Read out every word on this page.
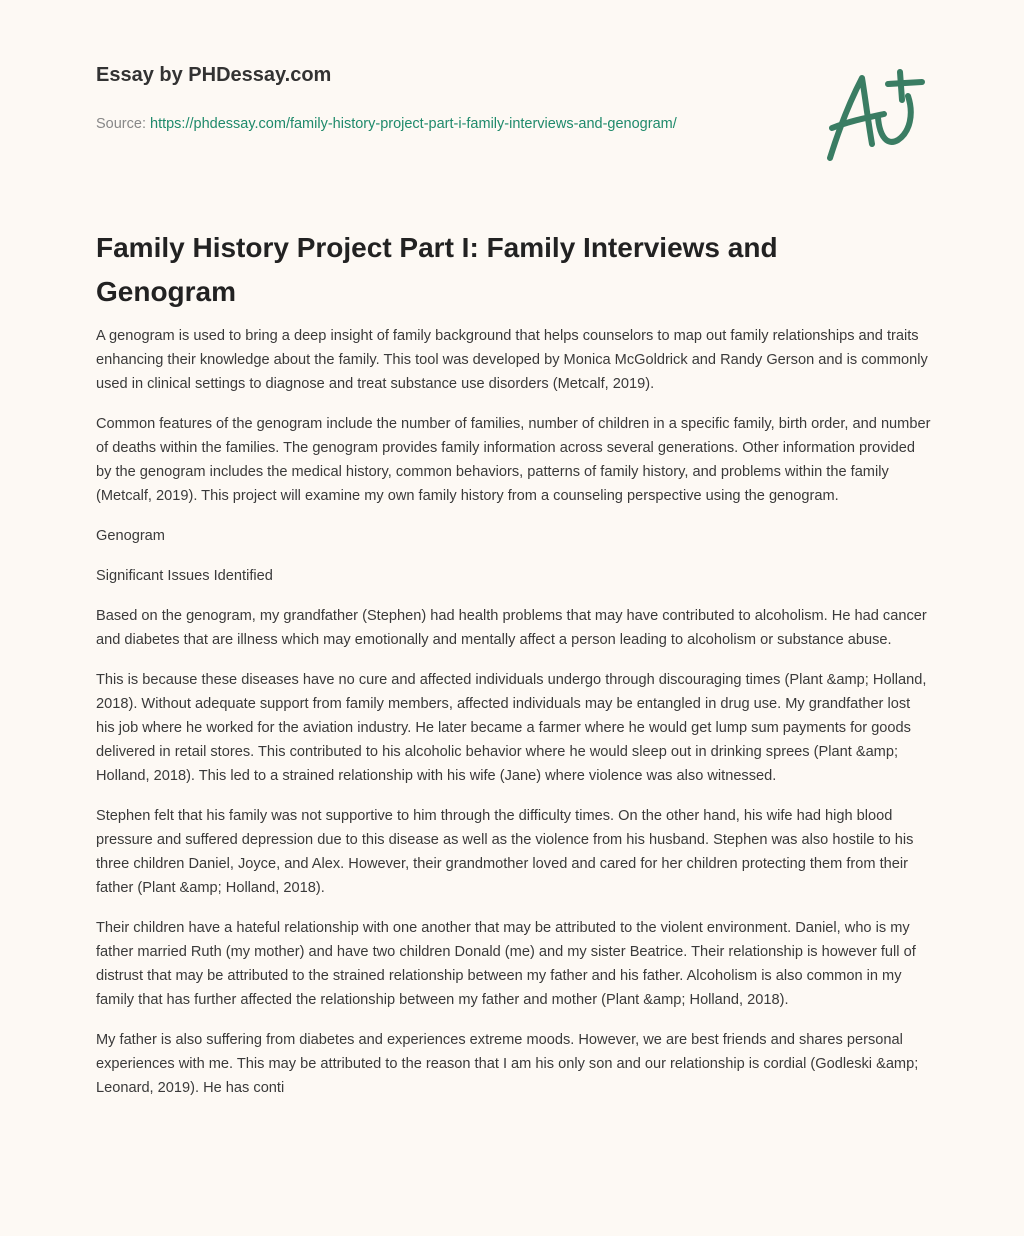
Essay by PHDessay.com

Source: https://phdessay.com/family-history-project-part-i-family-interviews-and-genogram/
Family History Project Part I: Family Interviews and Genogram

A genogram is used to bring a deep insight of family background that helps counselors to map out family relationships and traits enhancing their knowledge about the family. This tool was developed by Monica McGoldrick and Randy Gerson and is commonly used in clinical settings to diagnose and treat substance use disorders (Metcalf, 2019).

Common features of the genogram include the number of families, number of children in a specific family, birth order, and number of deaths within the families. The genogram provides family information across several generations. Other information provided by the genogram includes the medical history, common behaviors, patterns of family history, and problems within the family (Metcalf, 2019). This project will examine my own family history from a counseling perspective using the genogram.

Genogram

Significant Issues Identified

Based on the genogram, my grandfather (Stephen) had health problems that may have contributed to alcoholism. He had cancer and diabetes that are illness which may emotionally and mentally affect a person leading to alcoholism or substance abuse.

This is because these diseases have no cure and affected individuals undergo through discouraging times (Plant &amp; Holland, 2018). Without adequate support from family members, affected individuals may be entangled in drug use. My grandfather lost his job where he worked for the aviation industry. He later became a farmer where he would get lump sum payments for goods delivered in retail stores. This contributed to his alcoholic behavior where he would sleep out in drinking sprees (Plant &amp; Holland, 2018). This led to a strained relationship with his wife (Jane) where violence was also witnessed.

Stephen felt that his family was not supportive to him through the difficulty times. On the other hand, his wife had high blood pressure and suffered depression due to this disease as well as the violence from his husband. Stephen was also hostile to his three children Daniel, Joyce, and Alex. However, their grandmother loved and cared for her children protecting them from their father (Plant &amp; Holland, 2018).

Their children have a hateful relationship with one another that may be attributed to the violent environment. Daniel, who is my father married Ruth (my mother) and have two children Donald (me) and my sister Beatrice. Their relationship is however full of distrust that may be attributed to the strained relationship between my father and his father. Alcoholism is also common in my family that has further affected the relationship between my father and mother (Plant &amp; Holland, 2018).

My father is also suffering from diabetes and experiences extreme moods. However, we are best friends and shares personal experiences with me. This may be attributed to the reason that I am his only son and our relationship is cordial (Godleski &amp; Leonard, 2019). He has conti
